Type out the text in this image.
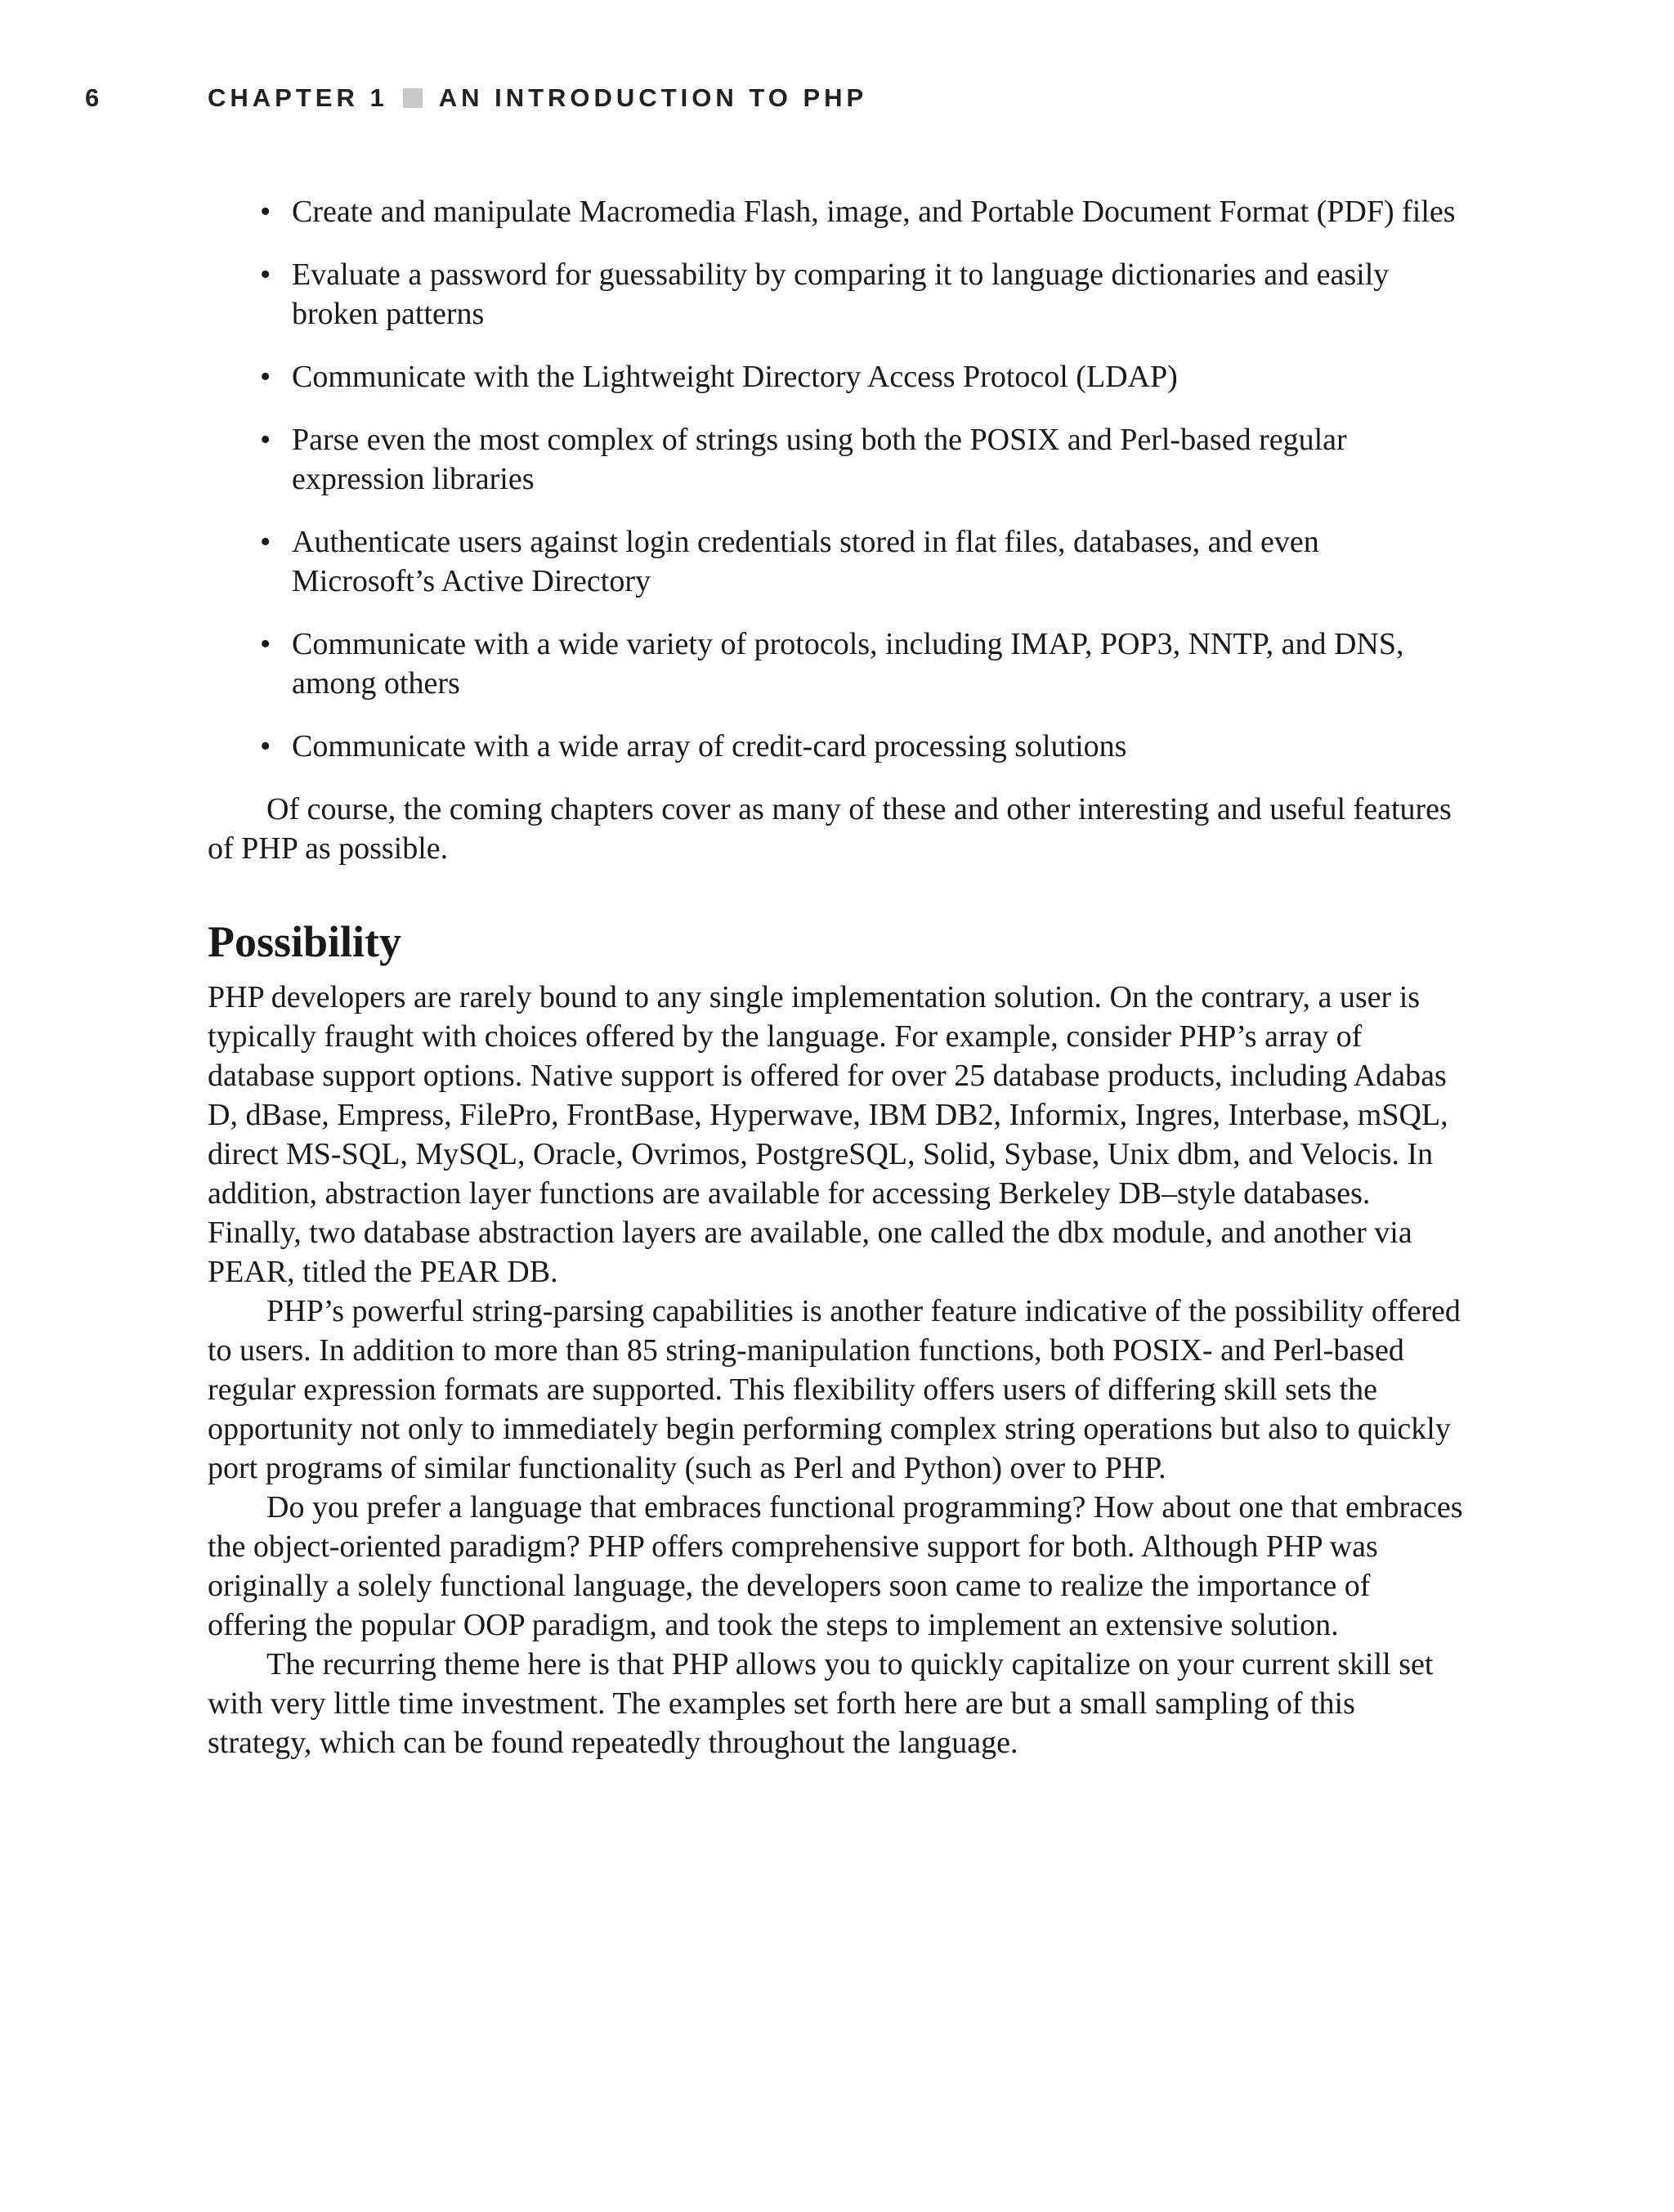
6	CHAPTER 1 AN INTRODUCTION TO PHP
• Create and manipulate Macromedia Flash, image, and Portable Document Format (PDF) files
• Evaluate a password for guessability by comparing it to language dictionaries and easily broken patterns
• Communicate with the Lightweight Directory Access Protocol (LDAP)
• Parse even the most complex of strings using both the POSIX and Perl-based regular expression libraries
• Authenticate users against login credentials stored in flat files, databases, and even Microsoft’s Active Directory
• Communicate with a wide variety of protocols, including IMAP, POP3, NNTP, and DNS, among others
• Communicate with a wide array of credit-card processing solutions

Of course, the coming chapters cover as many of these and other interesting and useful features of PHP as possible.

Possibility

PHP developers are rarely bound to any single implementation solution. On the contrary, a user is typically fraught with choices offered by the language. For example, consider PHP’s array of database support options. Native support is offered for over 25 database products, including Adabas D, dBase, Empress, FilePro, FrontBase, Hyperwave, IBM DB2, Informix, Ingres, Interbase, mSQL, direct MS-SQL, MySQL, Oracle, Ovrimos, PostgreSQL, Solid, Sybase, Unix dbm, and Velocis. In addition, abstraction layer functions are available for accessing Berkeley DB–style databases. Finally, two database abstraction layers are available, one called the dbx module, and another via PEAR, titled the PEAR DB.

PHP’s powerful string-parsing capabilities is another feature indicative of the possibility offered to users. In addition to more than 85 string-manipulation functions, both POSIX- and Perl-based regular expression formats are supported. This flexibility offers users of differing skill sets the opportunity not only to immediately begin performing complex string operations but also to quickly port programs of similar functionality (such as Perl and Python) over to PHP.

Do you prefer a language that embraces functional programming? How about one that embraces the object-oriented paradigm? PHP offers comprehensive support for both. Although PHP was originally a solely functional language, the developers soon came to realize the importance of offering the popular OOP paradigm, and took the steps to implement an extensive solution.

The recurring theme here is that PHP allows you to quickly capitalize on your current skill set with very little time investment. The examples set forth here are but a small sampling of this strategy, which can be found repeatedly throughout the language.
